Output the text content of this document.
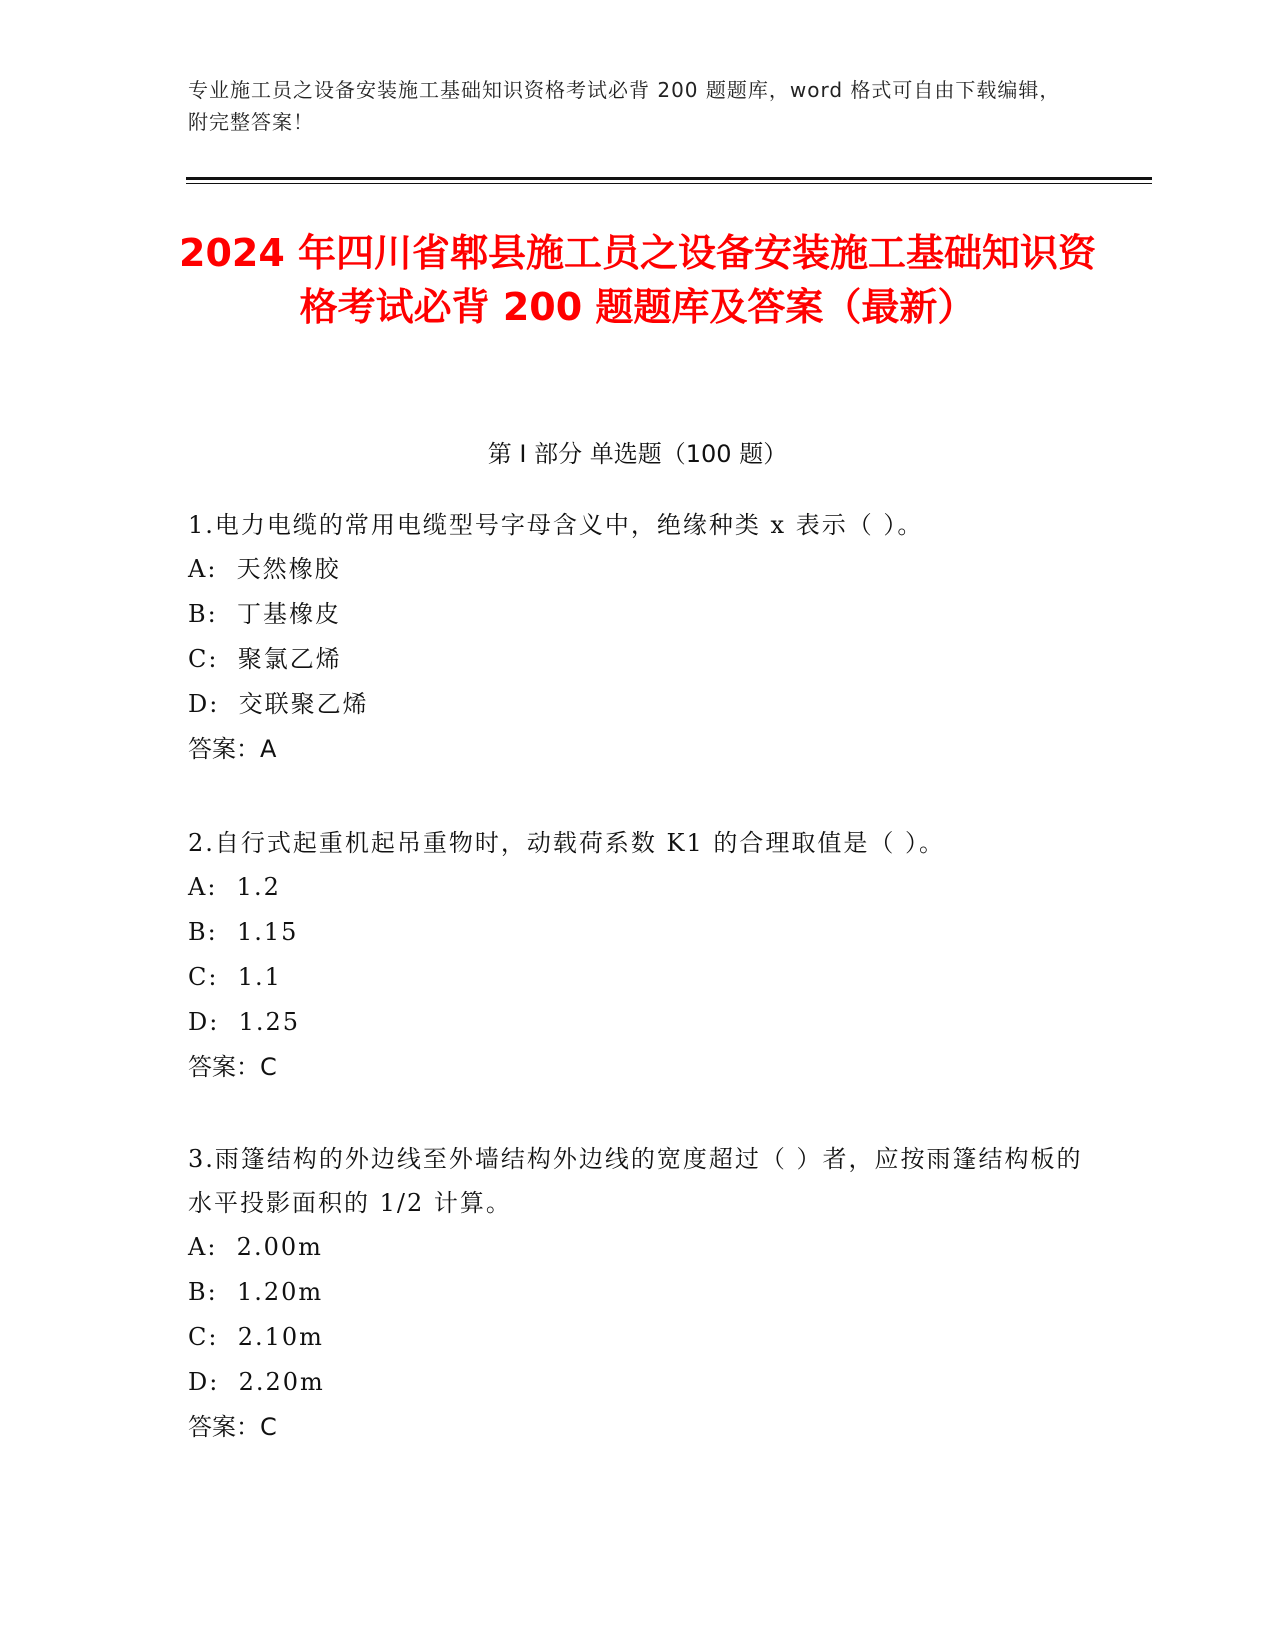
专业施工员之设备安装施工基础知识资格考试必背 200 题题库，word 格式可自由下载编辑，附完整答案！
2024 年四川省郫县施工员之设备安装施工基础知识资格考试必背 200 题题库及答案（最新）
第 I 部分 单选题（100 题）

1.电力电缆的常用电缆型号字母含义中，绝缘种类 x 表示（ ）。

A:  天然橡胶

B:  丁基橡皮

C:  聚氯乙烯

D:  交联聚乙烯

答案：A

2.自行式起重机起吊重物时，动载荷系数 K1 的合理取值是（ ）。

A:  1.2

B:  1.15

C:  1.1

D:  1.25

答案：C

3.雨篷结构的外边线至外墙结构外边线的宽度超过（ ）者，应按雨篷结构板的水平投影面积的 1/2 计算。

A:  2.00m

B:  1.20m

C:  2.10m

D:  2.20m

答案：C
